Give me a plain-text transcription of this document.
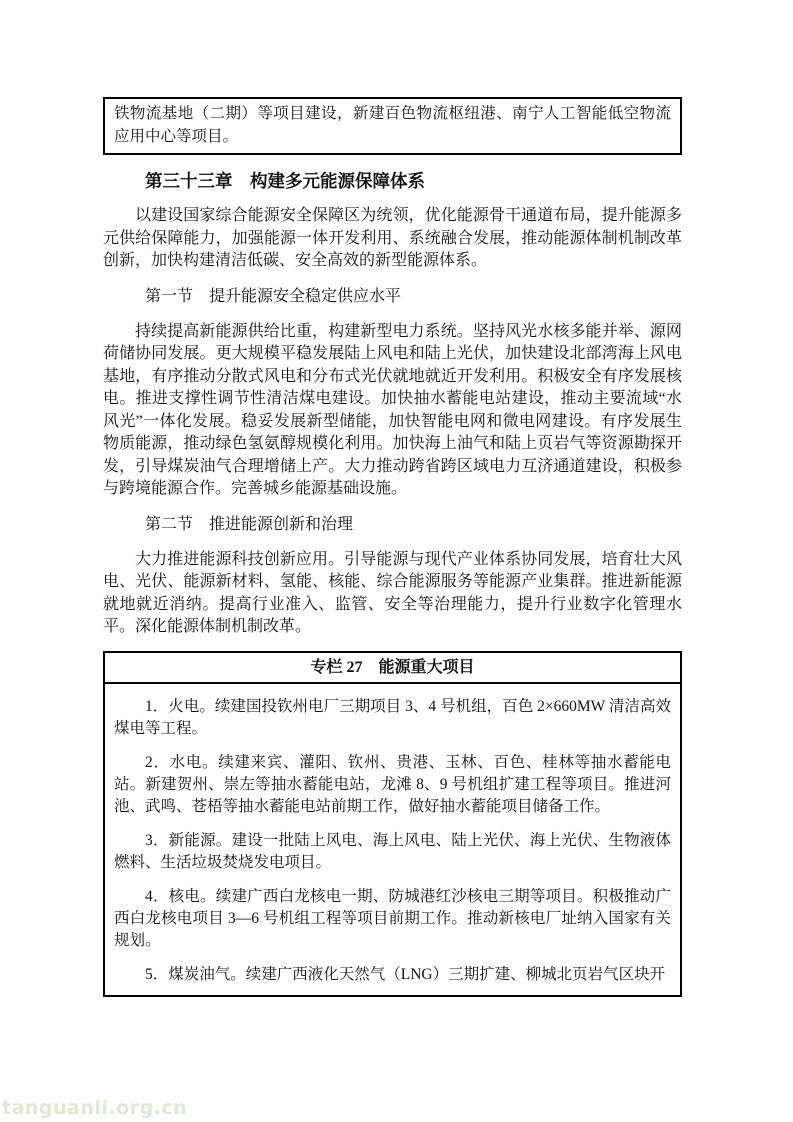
铁物流基地（二期）等项目建设，新建百色物流枢纽港、南宁人工智能低空物流应用中心等项目。
第三十三章　构建多元能源保障体系

以建设国家综合能源安全保障区为统领，优化能源骨干通道布局，提升能源多元供给保障能力，加强能源一体开发利用、系统融合发展，推动能源体制机制改革创新，加快构建清洁低碳、安全高效的新型能源体系。

第一节　提升能源安全稳定供应水平

持续提高新能源供给比重，构建新型电力系统。坚持风光水核多能并举、源网荷储协同发展。更大规模平稳发展陆上风电和陆上光伏，加快建设北部湾海上风电基地，有序推动分散式风电和分布式光伏就地就近开发利用。积极安全有序发展核电。推进支撑性调节性清洁煤电建设。加快抽水蓄能电站建设，推动主要流域“水风光”一体化发展。稳妥发展新型储能，加快智能电网和微电网建设。有序发展生物质能源，推动绿色氢氨醇规模化利用。加快海上油气和陆上页岩气等资源勘探开发，引导煤炭油气合理增储上产。大力推动跨省跨区域电力互济通道建设，积极参与跨境能源合作。完善城乡能源基础设施。

第二节　推进能源创新和治理

大力推进能源科技创新应用。引导能源与现代产业体系协同发展，培育壮大风电、光伏、能源新材料、氢能、核能、综合能源服务等能源产业集群。推进新能源就地就近消纳。提高行业准入、监管、安全等治理能力，提升行业数字化管理水平。深化能源体制机制改革。

专栏 27　能源重大项目

1．火电。续建国投钦州电厂三期项目 3、4 号机组，百色 2×660MW 清洁高效煤电等工程。

2．水电。续建来宾、灌阳、钦州、贵港、玉林、百色、桂林等抽水蓄能电站。新建贺州、崇左等抽水蓄能电站，龙滩 8、9 号机组扩建工程等项目。推进河池、武鸣、苍梧等抽水蓄能电站前期工作，做好抽水蓄能项目储备工作。

3．新能源。建设一批陆上风电、海上风电、陆上光伏、海上光伏、生物液体燃料、生活垃圾焚烧发电项目。

4．核电。续建广西白龙核电一期、防城港红沙核电三期等项目。积极推动广西白龙核电项目 3—6 号机组工程等项目前期工作。推动新核电厂址纳入国家有关规划。

5．煤炭油气。续建广西液化天然气（LNG）三期扩建、柳城北页岩气区块开

tanguanli.org.cn
